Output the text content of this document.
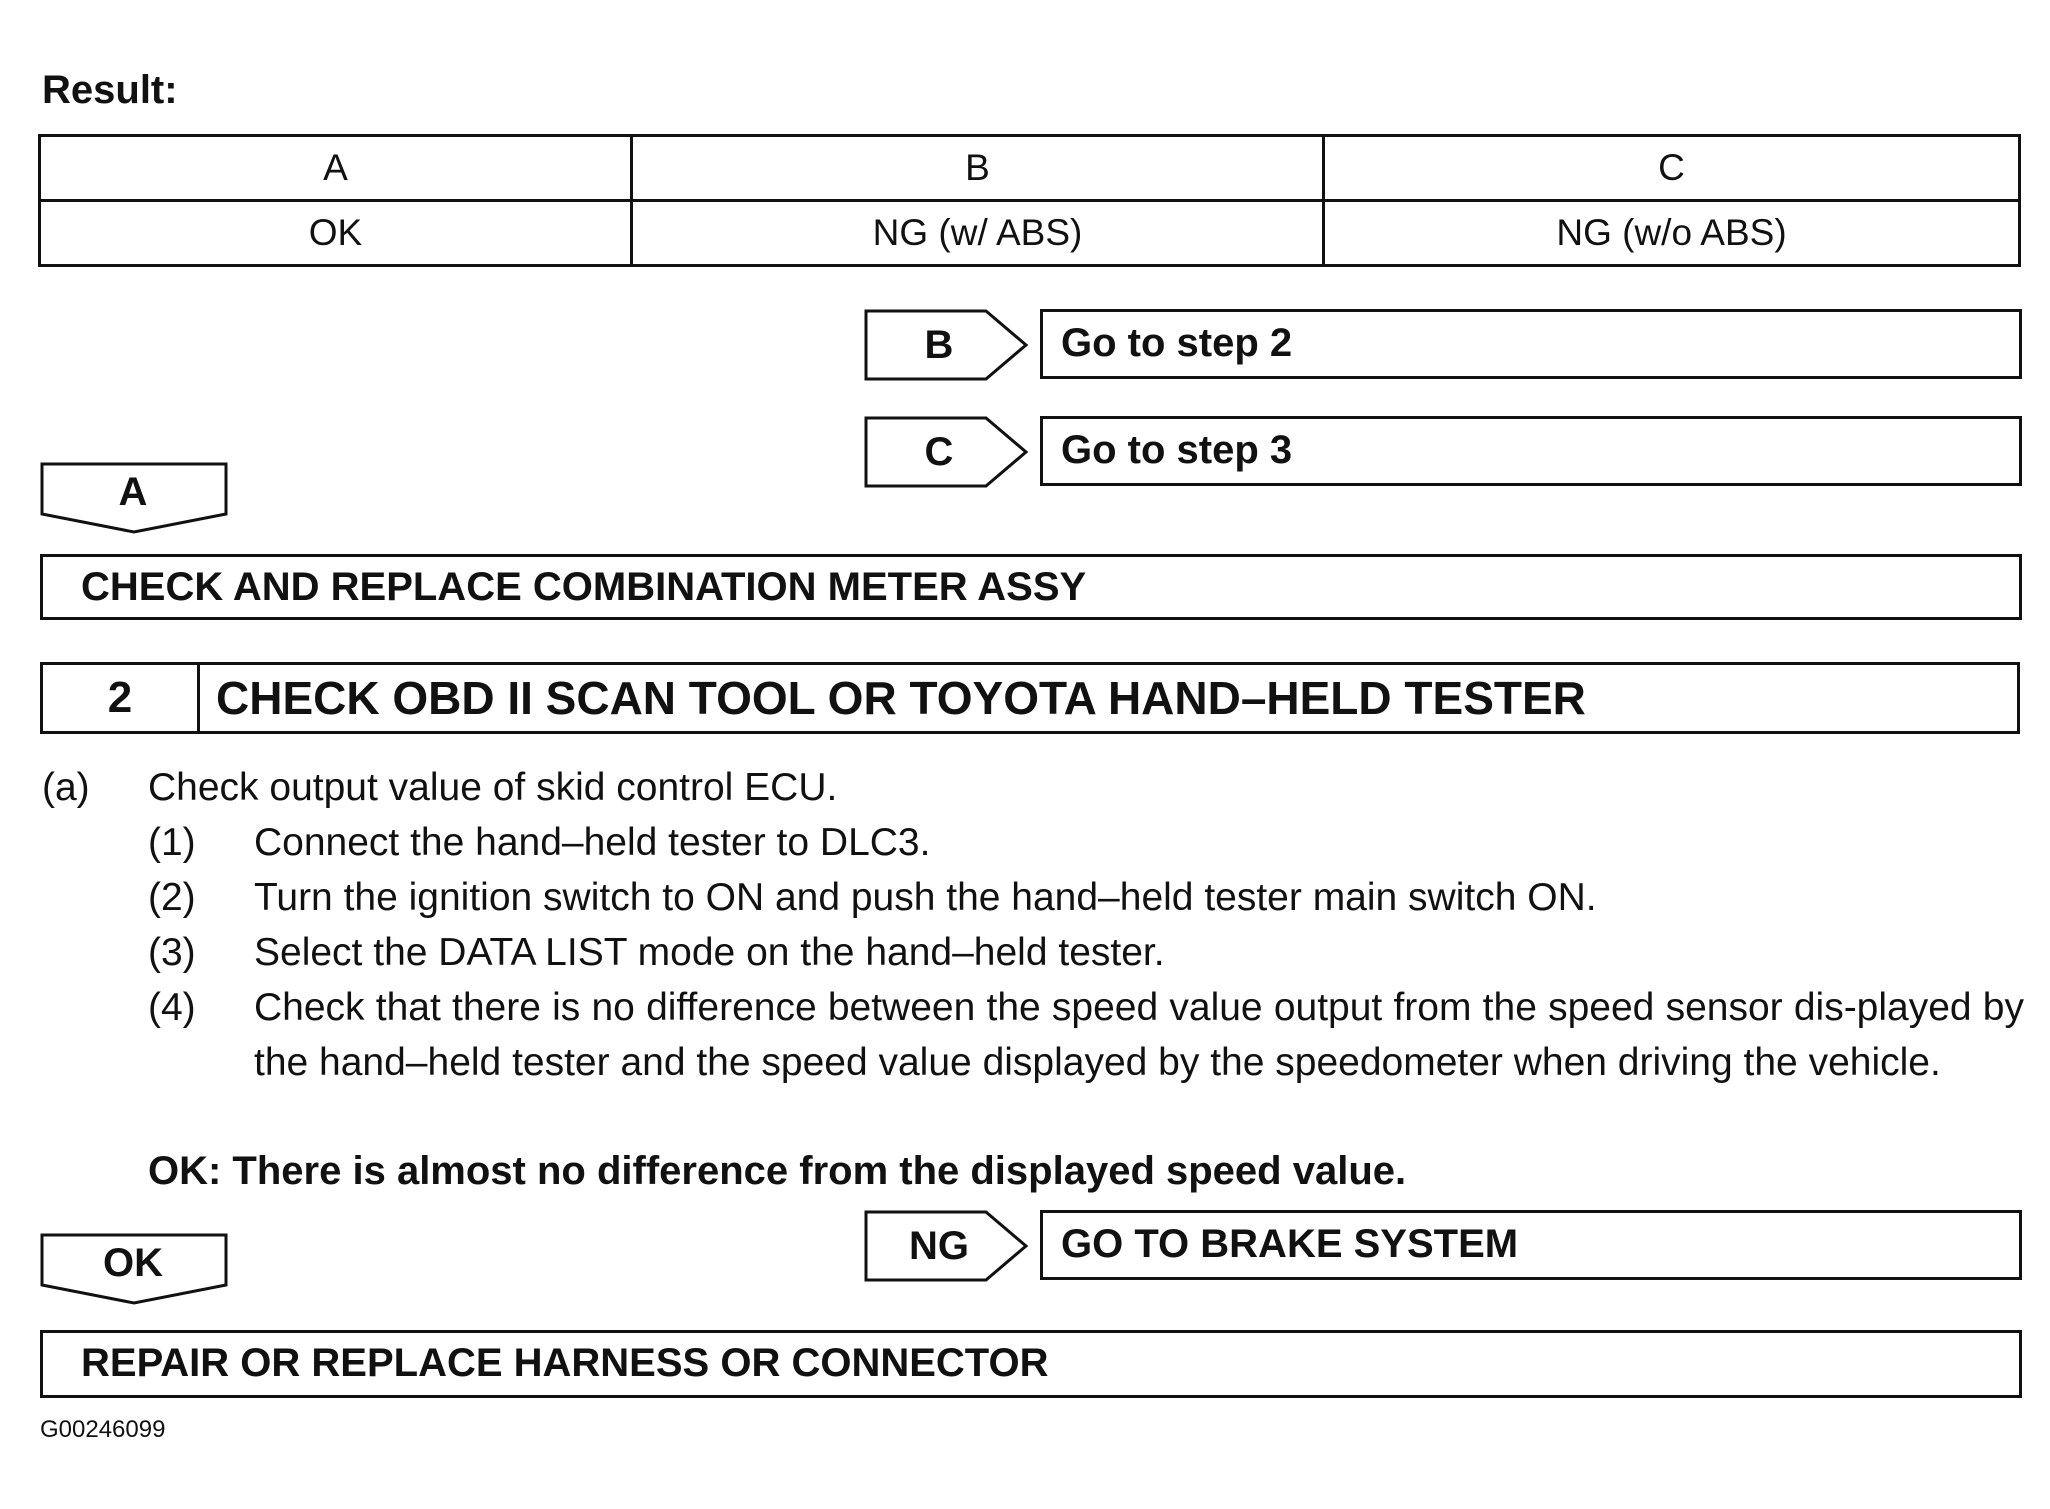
Result:
A	B	C
OK	NG (w/ ABS)	NG (w/o ABS)
B	Go to step 2
C	Go to step 3
A
CHECK AND REPLACE COMBINATION METER ASSY
2	CHECK OBD II SCAN TOOL OR TOYOTA HAND–HELD TESTER
(a) Check output value of skid control ECU.
(1) Connect the hand–held tester to DLC3.
(2) Turn the ignition switch to ON and push the hand–held tester main switch ON.
(3) Select the DATA LIST mode on the hand–held tester.
(4) Check that there is no difference between the speed value output from the speed sensor dis-played by the hand–held tester and the speed value displayed by the speedometer when driving the vehicle.
OK: There is almost no difference from the displayed speed value.
NG	GO TO BRAKE SYSTEM
OK
REPAIR OR REPLACE HARNESS OR CONNECTOR
G00246099
